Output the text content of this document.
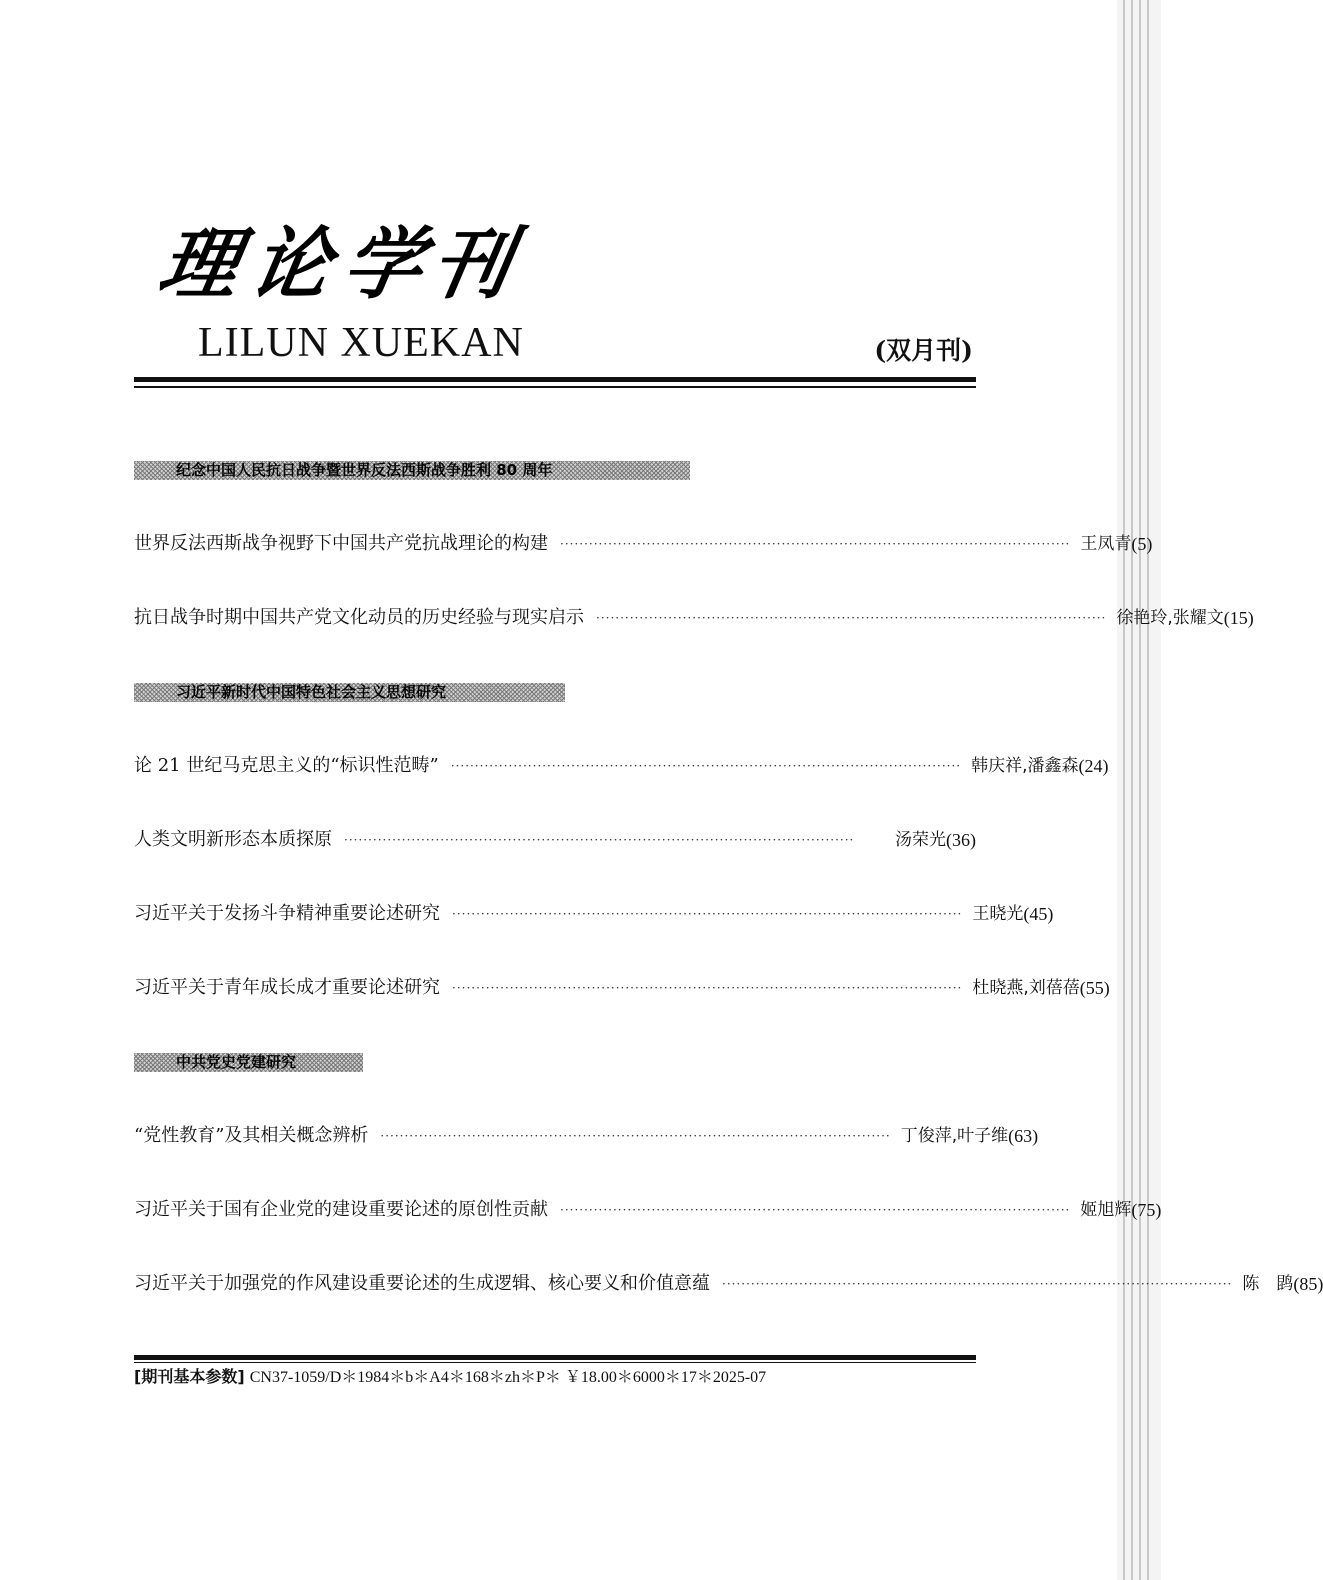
理
论
学
刊
LILUN XUEKAN	(双月刊)
纪念中国人民抗日战争暨世界反法西斯战争胜利 80 周年
世界反法西斯战争视野下中国共产党抗战理论的构建 ·········································································································· 王凤青 (5)
抗日战争时期中国共产党文化动员的历史经验与现实启示 ·········································································································· 徐艳玲,张耀文 (15)
习近平新时代中国特色社会主义思想研究
论 21 世纪马克思主义的“标识性范畴” ·········································································································· 韩庆祥,潘鑫森 (24)
人类文明新形态本质探原 ··········································································································	汤荣光 (36)
习近平关于发扬斗争精神重要论述研究 ·········································································································· 王晓光 (45)
习近平关于青年成长成才重要论述研究 ·········································································································· 杜晓燕,刘蓓蓓 (55)
中共党史党建研究
“党性教育”及其相关概念辨析 ·········································································································· 丁俊萍,叶子维 (63)
习近平关于国有企业党的建设重要论述的原创性贡献 ·········································································································· 姬旭辉 (75)
习近平关于加强党的作风建设重要论述的生成逻辑、核心要义和价值意蕴 ·········································································································· 陈　鹍 (85)
[期刊基本参数] CN37-1059/D＊1984＊b＊A4＊168＊zh＊P＊ ￥18.00＊6000＊17＊2025-07
